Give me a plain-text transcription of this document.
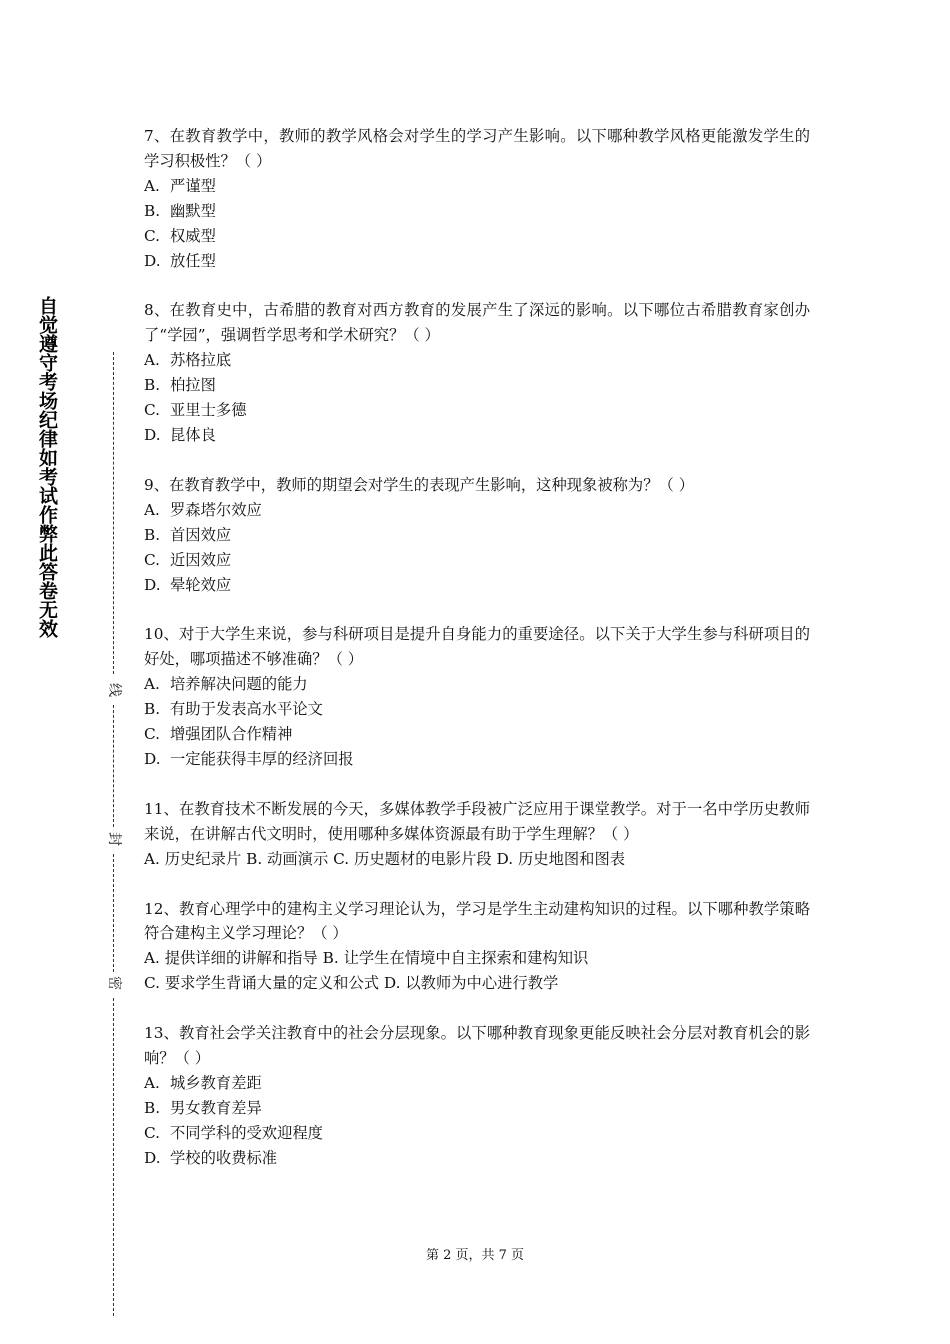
自觉遵守考场纪律如考试作弊此答卷无效
线
封
密

7、在教育教学中，教师的教学风格会对学生的学习产生影响。以下哪种教学风格更能激发学生的学习积极性？（ ）

A. 严谨型

B. 幽默型

C. 权威型

D. 放任型

8、在教育史中，古希腊的教育对西方教育的发展产生了深远的影响。以下哪位古希腊教育家创办了“学园”，强调哲学思考和学术研究？（ ）

A. 苏格拉底

B. 柏拉图

C. 亚里士多德

D. 昆体良

9、在教育教学中，教师的期望会对学生的表现产生影响，这种现象被称为？（ ）

A. 罗森塔尔效应

B. 首因效应

C. 近因效应

D. 晕轮效应

10、对于大学生来说，参与科研项目是提升自身能力的重要途径。以下关于大学生参与科研项目的好处，哪项描述不够准确？（ ）

A. 培养解决问题的能力

B. 有助于发表高水平论文

C. 增强团队合作精神

D. 一定能获得丰厚的经济回报

11、在教育技术不断发展的今天，多媒体教学手段被广泛应用于课堂教学。对于一名中学历史教师来说，在讲解古代文明时，使用哪种多媒体资源最有助于学生理解？（ ）

A. 历史纪录片 B. 动画演示 C. 历史题材的电影片段 D. 历史地图和图表

12、教育心理学中的建构主义学习理论认为，学习是学生主动建构知识的过程。以下哪种教学策略符合建构主义学习理论？（ ）

A. 提供详细的讲解和指导 B. 让学生在情境中自主探索和建构知识

C. 要求学生背诵大量的定义和公式 D. 以教师为中心进行教学

13、教育社会学关注教育中的社会分层现象。以下哪种教育现象更能反映社会分层对教育机会的影响？（ ）

A. 城乡教育差距

B. 男女教育差异

C. 不同学科的受欢迎程度

D. 学校的收费标准

第 2 页，共 7 页
